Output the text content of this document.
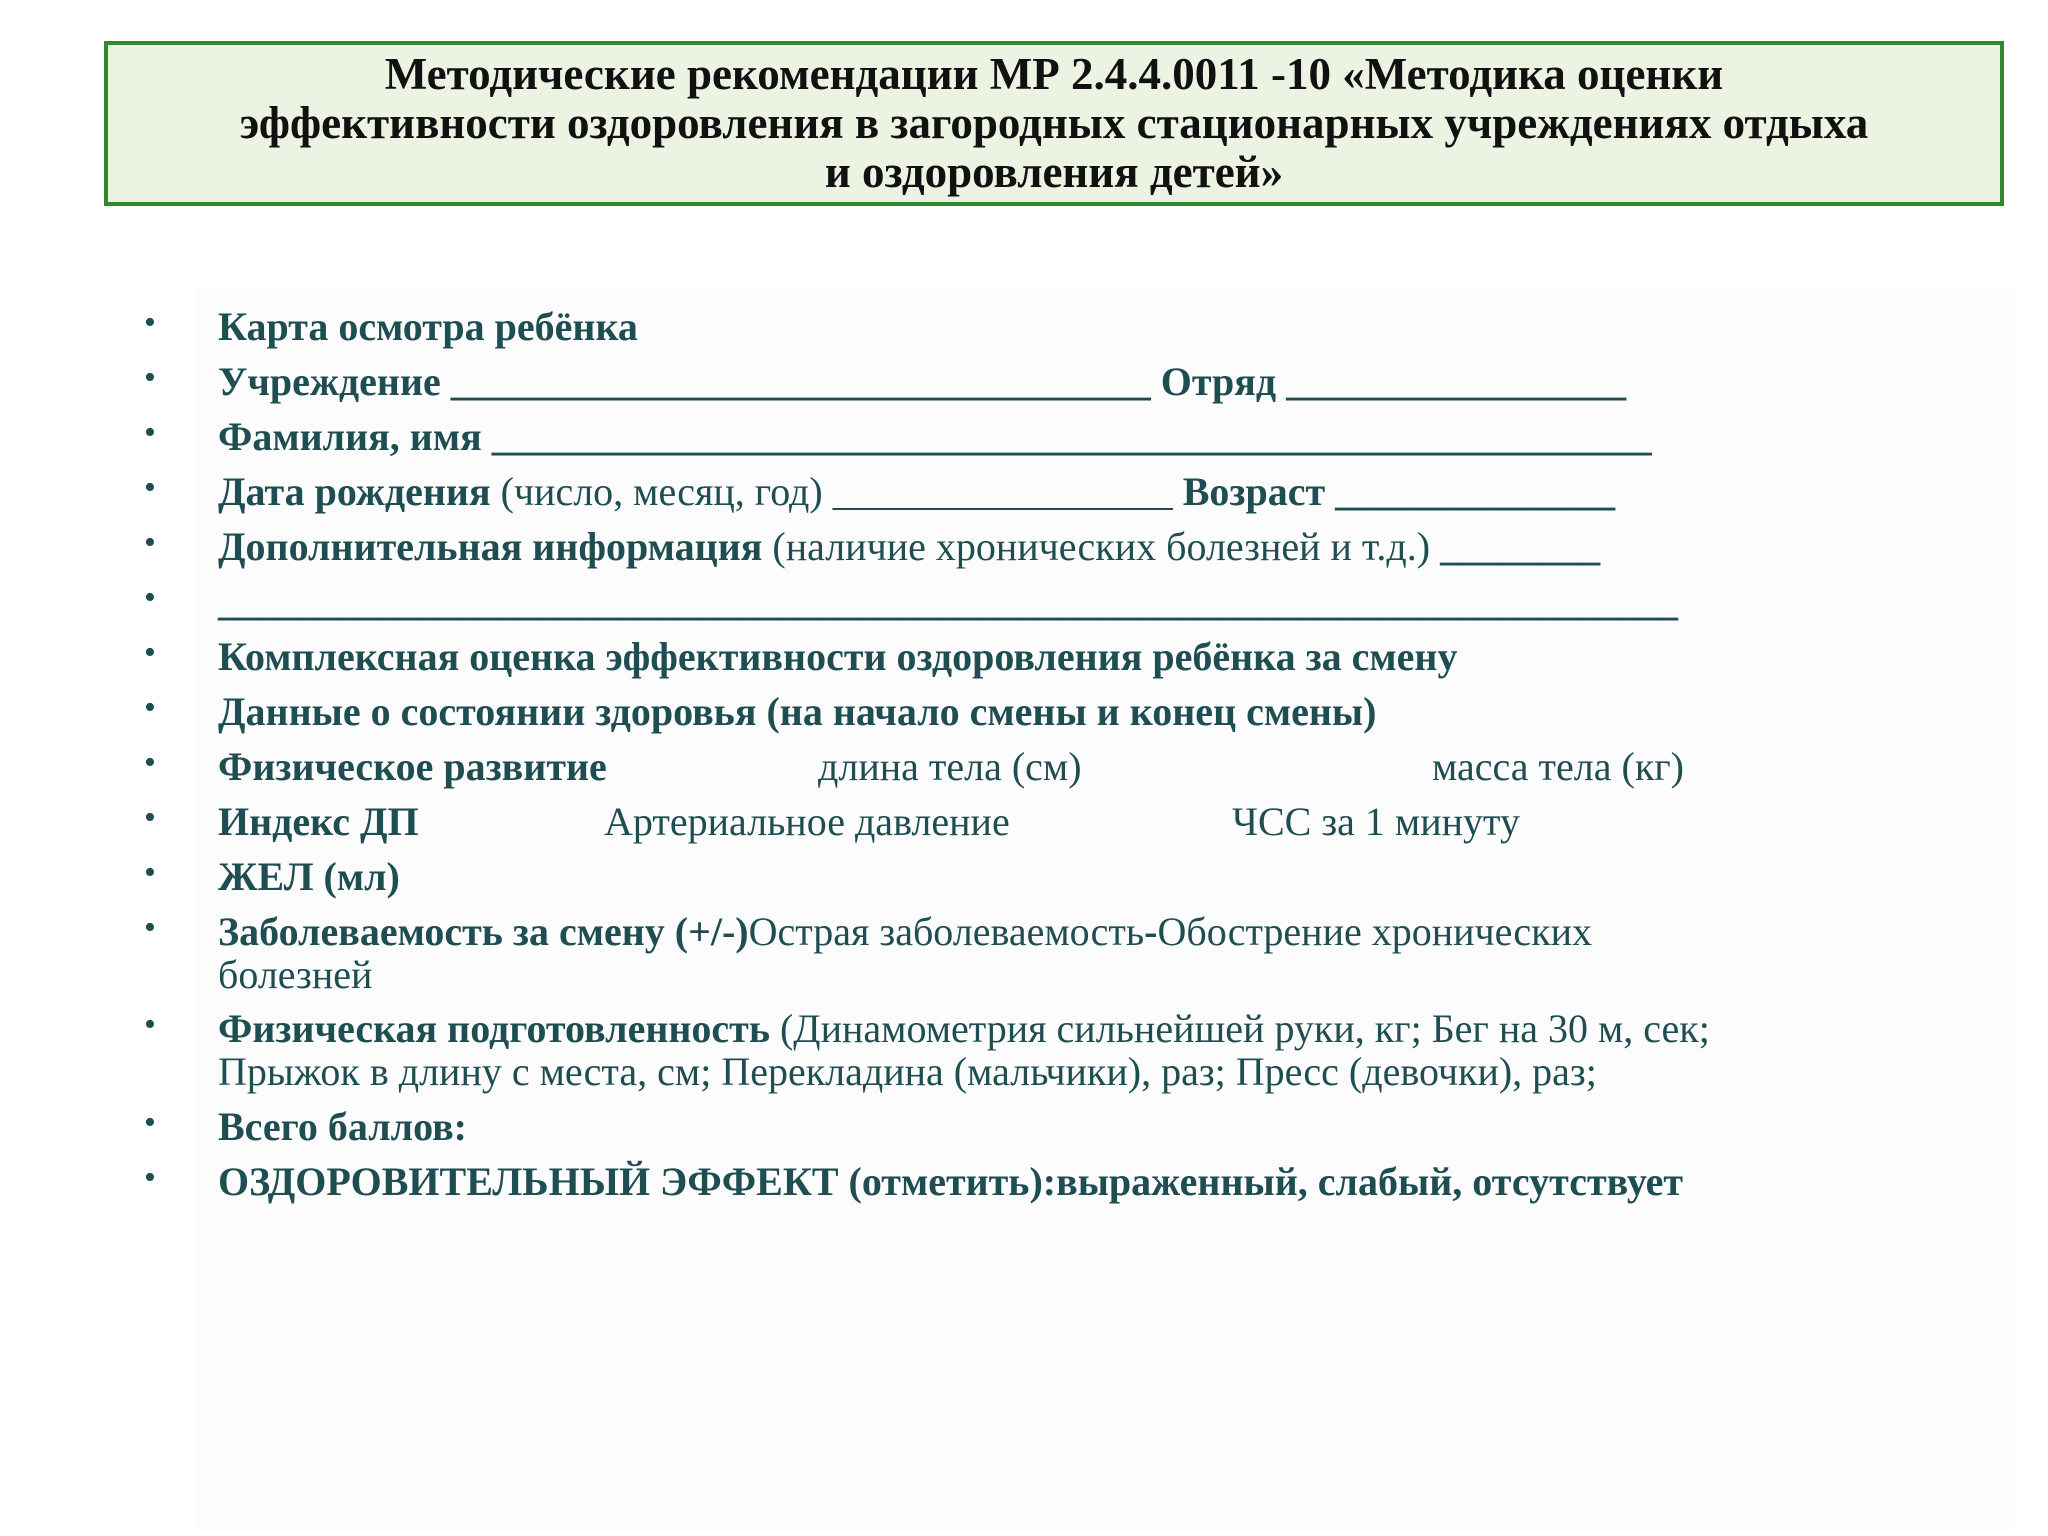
Методические рекомендации МР 2.4.4.0011 -10 «Методика оценки
эффективности оздоровления в загородных стационарных учреждениях отдыха
и оздоровления детей»
• Карта осмотра ребёнка
• Учреждение ___________________________________ Отряд _________________
• Фамилия, имя __________________________________________________________
• Дата рождения (число, месяц, год) _________________ Возраст ______________
• Дополнительная информация (наличие хронических болезней и т.д.) ________
• _________________________________________________________________________
• Комплексная оценка эффективности оздоровления ребёнка за смену
• Данные о состоянии здоровья (на начало смены и конец смены)
• Физическое развитие	длина тела (см)	масса тела (кг)
• Индекс ДП	Артериальное давление	ЧСС за 1 минуту
• ЖЕЛ (мл)
• Заболеваемость за смену (+/-)Острая заболеваемость-Обострение хронических
болезней
• Физическая подготовленность (Динамометрия сильнейшей руки, кг; Бег на 30 м, сек;
Прыжок в длину с места, см; Перекладина (мальчики), раз; Пресс (девочки), раз;
• Всего баллов:
• ОЗДОРОВИТЕЛЬНЫЙ ЭФФЕКТ (отметить):выраженный, слабый, отсутствует
